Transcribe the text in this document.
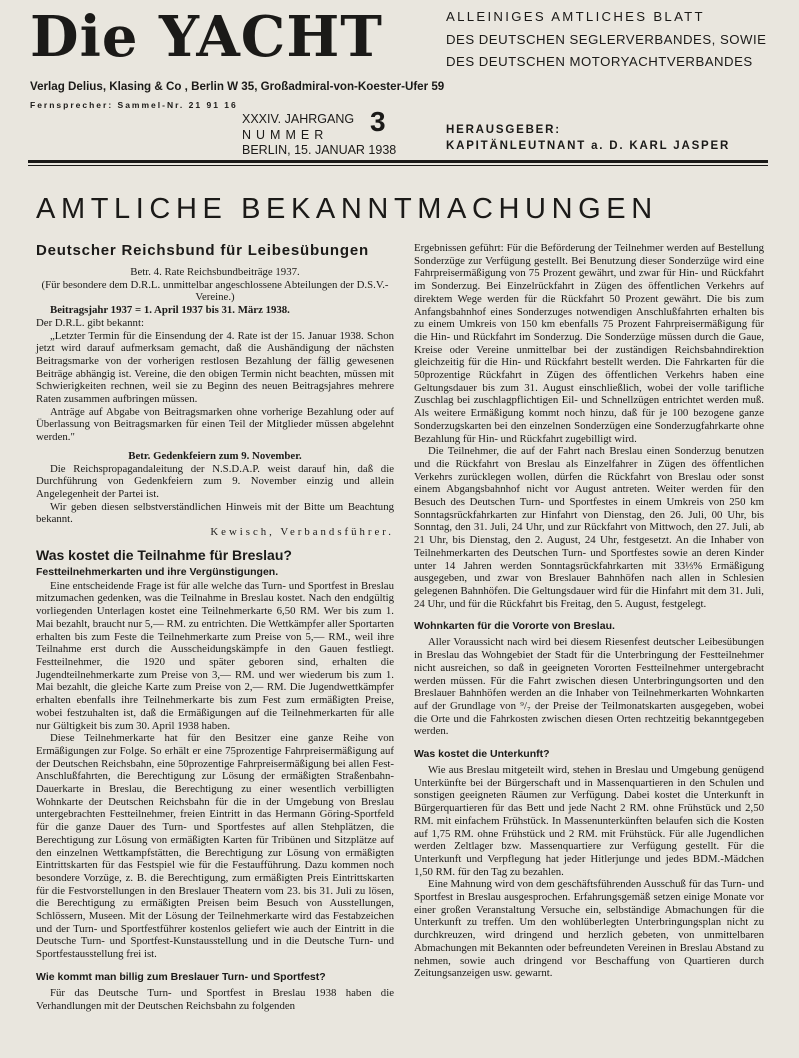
Die YACHT	ALLEINIGES AMTLICHES BLATT
DES DEUTSCHEN SEGLERVERBANDES, SOWIE
DES DEUTSCHEN MOTORYACHTVERBANDES
Verlag Delius, Klasing & Co , Berlin W 35, Großadmiral-von-Koester-Ufer 59
Fernsprecher: Sammel-Nr. 21 91 16
XXXIV. JAHRGANG
NUMMER
BERLIN, 15. JANUAR 1938
3	HERAUSGEBER:
KAPITÄNLEUTNANT a. D. KARL JASPER
AMTLICHE BEKANNTMACHUNGEN
Deutscher Reichsbund für Leibesübungen

Betr. 4. Rate Reichsbundbeiträge 1937.

(Für besondere dem D.R.L. unmittelbar angeschlossene Abteilungen der D.S.V.-Vereine.)

Beitragsjahr 1937 = 1. April 1937 bis 31. März 1938.

Der D.R.L. gibt bekannt:

„Letzter Termin für die Einsendung der 4. Rate ist der 15. Januar 1938. Schon jetzt wird darauf aufmerksam gemacht, daß die Aushändigung der nächsten Beitragsmarke von der vorherigen restlosen Bezahlung der fällig gewesenen Beiträge abhängig ist. Vereine, die den obigen Termin nicht beachten, müssen mit Schwierigkeiten rechnen, weil sie zu Beginn des neuen Beitragsjahres mehrere Raten zusammen aufbringen müssen.

Anträge auf Abgabe von Beitragsmarken ohne vorherige Bezahlung oder auf Überlassung von Beitragsmarken für einen Teil der Mitglieder müssen abgelehnt werden."

Betr. Gedenkfeiern zum 9. November.

Die Reichspropagandaleitung der N.S.D.A.P. weist darauf hin, daß die Durchführung von Gedenkfeiern zum 9. November einzig und allein Angelegenheit der Partei ist.

Wir geben diesen selbstverständlichen Hinweis mit der Bitte um Beachtung bekannt.

Kewisch, Verbandsführer.

Was kostet die Teilnahme für Breslau?
Festteilnehmerkarten und ihre Vergünstigungen.

Eine entscheidende Frage ist für alle welche das Turn- und Sportfest in Breslau mitzumachen gedenken, was die Teilnahme in Breslau kostet. Nach den endgültig vorliegenden Unterlagen kostet eine Teilnehmerkarte 6,50 RM. Wer bis zum 1. Mai bezahlt, braucht nur 5,— RM. zu entrichten. Die Wettkämpfer aller Sportarten erhalten bis zum Feste die Teilnehmerkarte zum Preise von 5,— RM., weil ihre Teilnahme erst durch die Ausscheidungskämpfe in den Gauen festliegt. Festteilnehmer, die 1920 und später geboren sind, erhalten die Jugendteilnehmerkarte zum Preise von 3,— RM. und wer wiederum bis zum 1. Mai bezahlt, die gleiche Karte zum Preise von 2,— RM. Die Jugendwettkämpfer erhalten ebenfalls ihre Teilnehmerkarte bis zum Fest zum ermäßigten Preise, wobei festzuhalten ist, daß die Ermäßigungen auf die Teilnehmerkarten für alle nur Gültigkeit bis zum 30. April 1938 haben.

Diese Teilnehmerkarte hat für den Besitzer eine ganze Reihe von Ermäßigungen zur Folge. So erhält er eine 75prozentige Fahrpreisermäßigung auf der Deutschen Reichsbahn, eine 50prozentige Fahrpreisermäßigung bei allen Fest-Anschlußfahrten, die Berechtigung zur Lösung der ermäßigten Straßenbahn-Dauerkarte in Breslau, die Berechtigung zu einer wesentlich verbilligten Wohnkarte der Deutschen Reichsbahn für die in der Umgebung von Breslau untergebrachten Festteilnehmer, freien Eintritt in das Hermann Göring-Sportfeld für die ganze Dauer des Turn- und Sportfestes auf allen Stehplätzen, die Berechtigung zur Lösung von ermäßigten Karten für Tribünen und Sitzplätze auf den einzelnen Wettkampfstätten, die Berechtigung zur Lösung von ermäßigten Eintrittskarten für das Festspiel wie für die Festaufführung. Dazu kommen noch besondere Vorzüge, z. B. die Berechtigung, zum ermäßigten Preis Eintrittskarten für die Festvorstellungen in den Breslauer Theatern vom 23. bis 31. Juli zu lösen, die Berechtigung zu ermäßigten Preisen beim Besuch von Ausstellungen, Schlössern, Museen. Mit der Lösung der Teilnehmerkarte wird das Festabzeichen und der Turn- und Sportfestführer kostenlos geliefert wie auch der Eintritt in die Deutsche Turn- und Sportfest-Kunstausstellung und in die Deutsche Turn- und Sportfestausstellung frei ist.

Wie kommt man billig zum Breslauer Turn- und Sportfest?

Für das Deutsche Turn- und Sportfest in Breslau 1938 haben die Verhandlungen mit der Deutschen Reichsbahn zu folgenden

Ergebnissen geführt: Für die Beförderung der Teilnehmer werden auf Bestellung Sonderzüge zur Verfügung gestellt. Bei Benutzung dieser Sonderzüge wird eine Fahrpreisermäßigung von 75 Prozent gewährt, und zwar für Hin- und Rückfahrt im Sonderzug. Bei Einzelrückfahrt in Zügen des öffentlichen Verkehrs auf direktem Wege werden für die Rückfahrt 50 Prozent gewährt. Die bis zum Anfangsbahnhof eines Sonderzuges notwendigen Anschlußfahrten erhalten bis zu einem Umkreis von 150 km ebenfalls 75 Prozent Fahrpreisermäßigung für die Hin- und Rückfahrt im Sonderzug. Die Sonderzüge müssen durch die Gaue, Kreise oder Vereine unmittelbar bei der zuständigen Reichsbahndirektion gleichzeitig für die Hin- und Rückfahrt bestellt werden. Die Fahrkarten für die 50prozentige Rückfahrt in Zügen des öffentlichen Verkehrs haben eine Geltungsdauer bis zum 31. August einschließlich, wobei der volle tarifliche Zuschlag bei zuschlagpflichtigen Eil- und Schnellzügen entrichtet werden muß. Als weitere Ermäßigung kommt noch hinzu, daß für je 100 bezogene ganze Sonderzugskarten bei den einzelnen Sonderzügen eine Sonderzugfahrkarte ohne Bezahlung für Hin- und Rückfahrt zugebilligt wird.

Die Teilnehmer, die auf der Fahrt nach Breslau einen Sonderzug benutzen und die Rückfahrt von Breslau als Einzelfahrer in Zügen des öffentlichen Verkehrs zurücklegen wollen, dürfen die Rückfahrt von Breslau oder sonst einem Abgangsbahnhof nicht vor August antreten. Weiter werden für den Besuch des Deutschen Turn- und Sportfestes in einem Umkreis von 250 km Sonntagsrückfahrkarten zur Hinfahrt von Dienstag, den 26. Juli, 00 Uhr, bis Sonntag, den 31. Juli, 24 Uhr, und zur Rückfahrt von Mittwoch, den 27. Juli, ab 21 Uhr, bis Dienstag, den 2. August, 24 Uhr, festgesetzt. An die Inhaber von Teilnehmerkarten des Deutschen Turn- und Sportfestes sowie an deren Kinder unter 14 Jahren werden Sonntagsrückfahrkarten mit 33⅓% Ermäßigung ausgegeben, und zwar von Breslauer Bahnhöfen nach allen in Schlesien gelegenen Bahnhöfen. Die Geltungsdauer wird für die Hinfahrt mit dem 31. Juli, 24 Uhr, und für die Rückfahrt bis Freitag, den 5. August, festgelegt.

Wohnkarten für die Vororte von Breslau.

Aller Voraussicht nach wird bei diesem Riesenfest deutscher Leibesübungen in Breslau das Wohngebiet der Stadt für die Unterbringung der Festteilnehmer nicht ausreichen, so daß in geeigneten Vororten Festteilnehmer untergebracht werden müssen. Für die Fahrt zwischen diesen Unterbringungsorten und den Breslauer Bahnhöfen werden an die Inhaber von Teilnehmerkarten Wohnkarten auf der Grundlage von ⁹/₇ der Preise der Teilmonatskarten ausgegeben, wobei die Orte und die Fahrkosten zwischen diesen Orten rechtzeitig bekanntgegeben werden.

Was kostet die Unterkunft?

Wie aus Breslau mitgeteilt wird, stehen in Breslau und Umgebung genügend Unterkünfte bei der Bürgerschaft und in Massenquartieren in den Schulen und sonstigen geeigneten Räumen zur Verfügung. Dabei kostet die Unterkunft in Bürgerquartieren für das Bett und jede Nacht 2 RM. ohne Frühstück und 2,50 RM. mit einfachem Frühstück. In Massenunterkünften belaufen sich die Kosten auf 1,75 RM. ohne Frühstück und 2 RM. mit Frühstück. Für alle Jugendlichen werden Zeltlager bzw. Massenquartiere zur Verfügung gestellt. Für die Unterkunft und Verpflegung hat jeder Hitlerjunge und jedes BDM.-Mädchen 1,50 RM. für den Tag zu bezahlen.

Eine Mahnung wird von dem geschäftsführenden Ausschuß für das Turn- und Sportfest in Breslau ausgesprochen. Erfahrungsgemäß setzen einige Monate vor einer großen Veranstaltung Versuche ein, selbständige Abmachungen für die Unterkunft zu treffen. Um den wohlüberlegten Unterbringungsplan nicht zu durchkreuzen, wird dringend und herzlich gebeten, von unmittelbaren Abmachungen mit Bekannten oder befreundeten Vereinen in Breslau Abstand zu nehmen, sowie auch dringend vor Beschaffung von Quartieren durch Zeitungsanzeigen usw. gewarnt.
